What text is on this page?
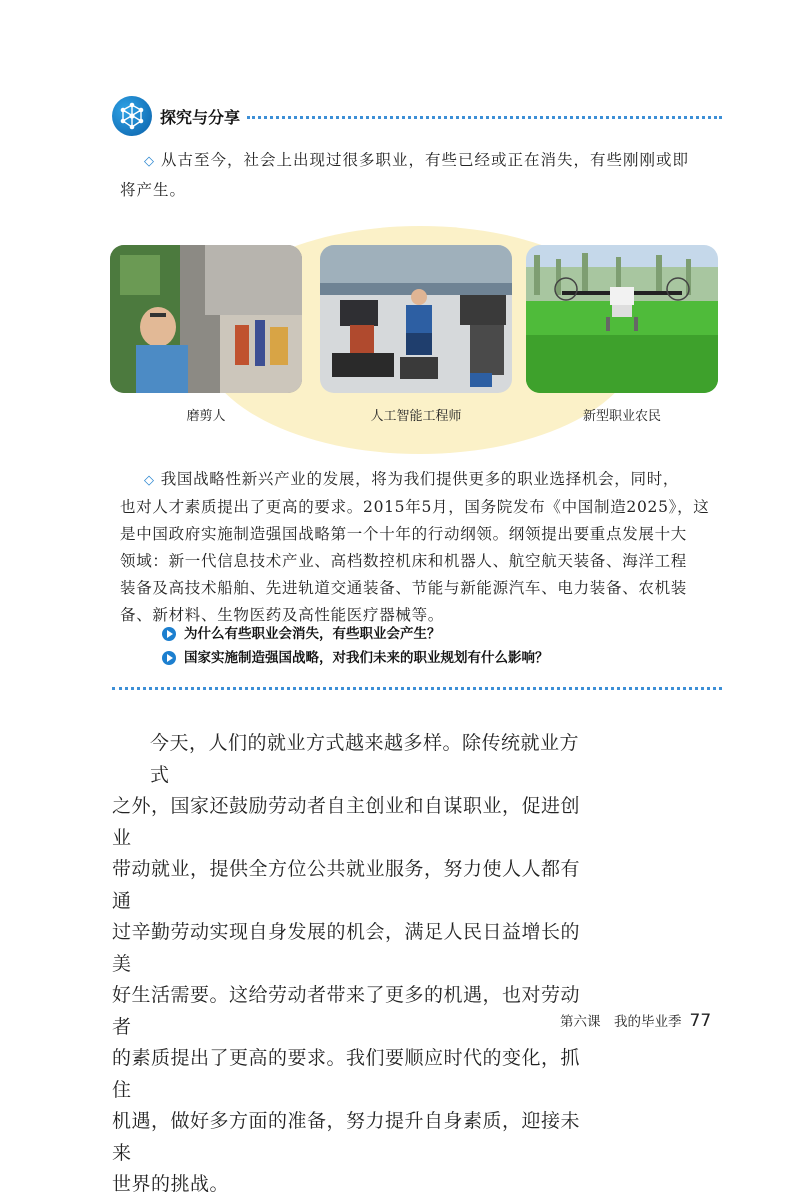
探究与分享
◇ 从古至今，社会上出现过很多职业，有些已经或正在消失，有些刚刚或即
将产生。
磨剪人	人工智能工程师	新型职业农民
◇ 我国战略性新兴产业的发展，将为我们提供更多的职业选择机会，同时，
也对人才素质提出了更高的要求。2015年5月，国务院发布《中国制造2025》，这
是中国政府实施制造强国战略第一个十年的行动纲领。纲领提出要重点发展十大
领域：新一代信息技术产业、高档数控机床和机器人、航空航天装备、海洋工程
装备及高技术船舶、先进轨道交通装备、节能与新能源汽车、电力装备、农机装
备、新材料、生物医药及高性能医疗器械等。
为什么有些职业会消失，有些职业会产生？
国家实施制造强国战略，对我们未来的职业规划有什么影响？
今天，人们的就业方式越来越多样。除传统就业方式
之外，国家还鼓励劳动者自主创业和自谋职业，促进创业
带动就业，提供全方位公共就业服务，努力使人人都有通
过辛勤劳动实现自身发展的机会，满足人民日益增长的美
好生活需要。这给劳动者带来了更多的机遇，也对劳动者
的素质提出了更高的要求。我们要顺应时代的变化，抓住
机遇，做好多方面的准备，努力提升自身素质，迎接未来
世界的挑战。
第六课　我的毕业季 77
